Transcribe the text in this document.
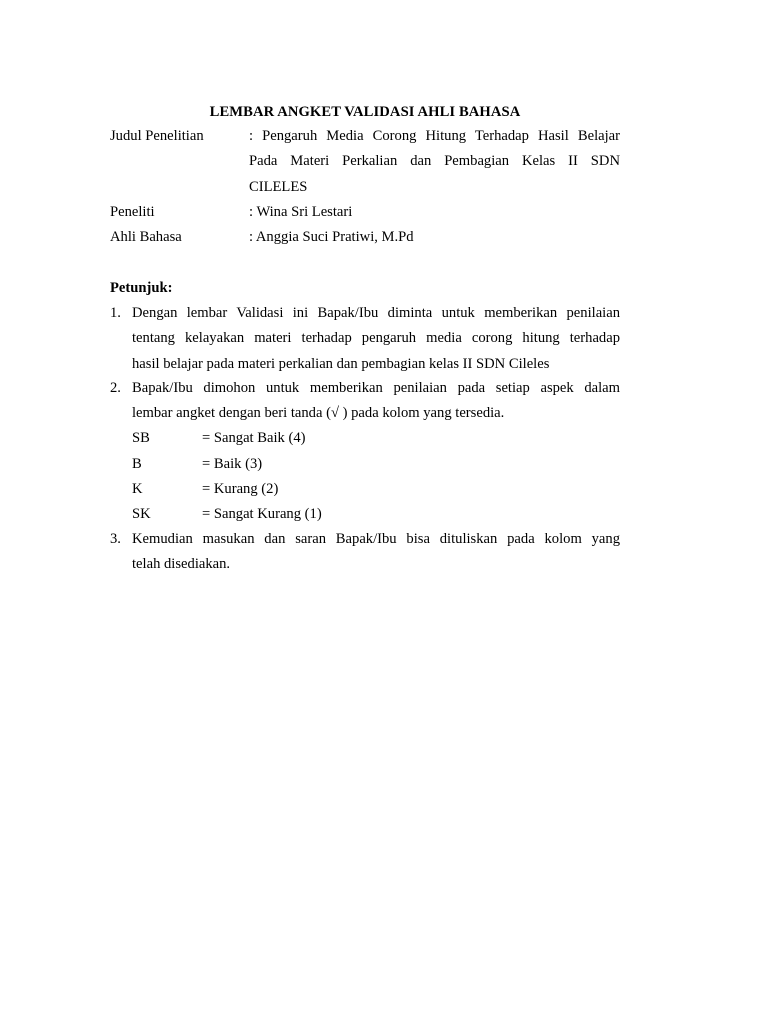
LEMBAR ANGKET VALIDASI AHLI BAHASA
Judul Penelitian	: Pengaruh Media Corong Hitung Terhadap Hasil Belajar
Pada Materi Perkalian dan Pembagian Kelas II SDN
CILELES
Peneliti	: Wina Sri Lestari
Ahli Bahasa	: Anggia Suci Pratiwi, M.Pd
Petunjuk:
1. Dengan lembar Validasi ini Bapak/Ibu diminta untuk memberikan penilaian
tentang kelayakan materi terhadap pengaruh media corong hitung terhadap
hasil belajar pada materi perkalian dan pembagian kelas II SDN Cileles
2. Bapak/Ibu dimohon untuk memberikan penilaian pada setiap aspek dalam
lembar angket dengan beri tanda (√ ) pada kolom yang tersedia.
SB	= Sangat Baik (4)
B	= Baik (3)
K	= Kurang (2)
SK	= Sangat Kurang (1)
3. Kemudian masukan dan saran Bapak/Ibu bisa dituliskan pada kolom yang
telah disediakan.
